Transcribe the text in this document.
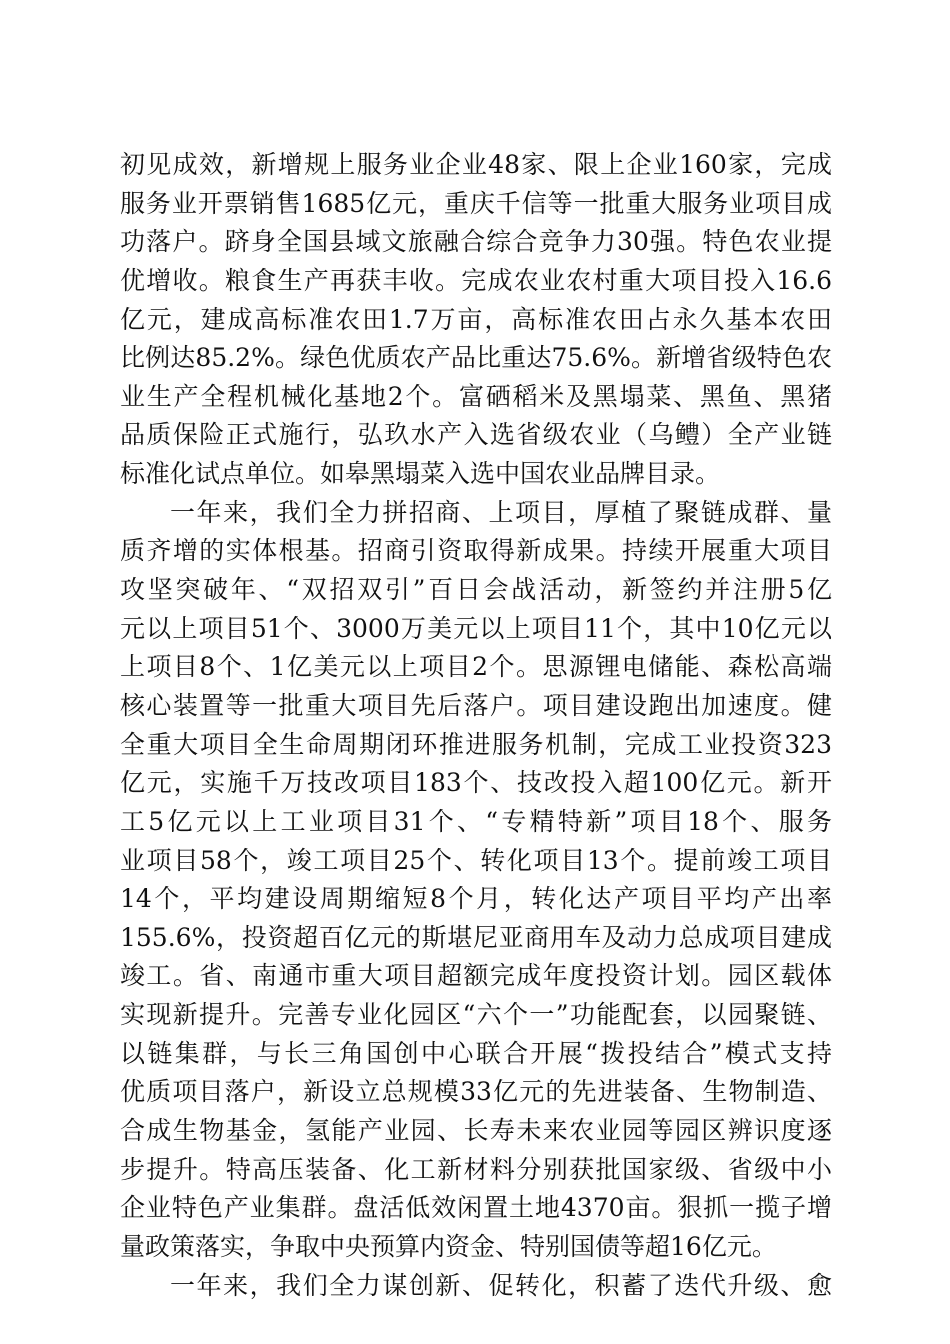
初见成效，新增规上服务业企业48家、限上企业160家，完成
服务业开票销售1685亿元，重庆千信等一批重大服务业项目成
功落户。跻身全国县域文旅融合综合竞争力30强。特色农业提
优增收。粮食生产再获丰收。完成农业农村重大项目投入16.6
亿元，建成高标准农田1.7万亩，高标准农田占永久基本农田
比例达85.2%。绿色优质农产品比重达75.6%。新增省级特色农
业生产全程机械化基地2个。富硒稻米及黑塌菜、黑鱼、黑猪
品质保险正式施行，弘玖水产入选省级农业（乌鳢）全产业链
标准化试点单位。如皋黑塌菜入选中国农业品牌目录。
一年来，我们全力拼招商、上项目，厚植了聚链成群、量
质齐增的实体根基。招商引资取得新成果。持续开展重大项目
攻坚突破年、“双招双引”百日会战活动，新签约并注册5亿
元以上项目51个、3000万美元以上项目11个，其中10亿元以
上项目8个、1亿美元以上项目2个。思源锂电储能、森松高端
核心装置等一批重大项目先后落户。项目建设跑出加速度。健
全重大项目全生命周期闭环推进服务机制，完成工业投资323
亿元，实施千万技改项目183个、技改投入超100亿元。新开
工5亿元以上工业项目31个、“专精特新”项目18个、服务
业项目58个，竣工项目25个、转化项目13个。提前竣工项目
14个，平均建设周期缩短8个月，转化达产项目平均产出率
155.6%，投资超百亿元的斯堪尼亚商用车及动力总成项目建成
竣工。省、南通市重大项目超额完成年度投资计划。园区载体
实现新提升。完善专业化园区“六个一”功能配套，以园聚链、
以链集群，与长三角国创中心联合开展“拨投结合”模式支持
优质项目落户，新设立总规模33亿元的先进装备、生物制造、
合成生物基金，氢能产业园、长寿未来农业园等园区辨识度逐
步提升。特高压装备、化工新材料分别获批国家级、省级中小
企业特色产业集群。盘活低效闲置土地4370亩。狠抓一揽子增
量政策落实，争取中央预算内资金、特别国债等超16亿元。
一年来，我们全力谋创新、促转化，积蓄了迭代升级、愈
